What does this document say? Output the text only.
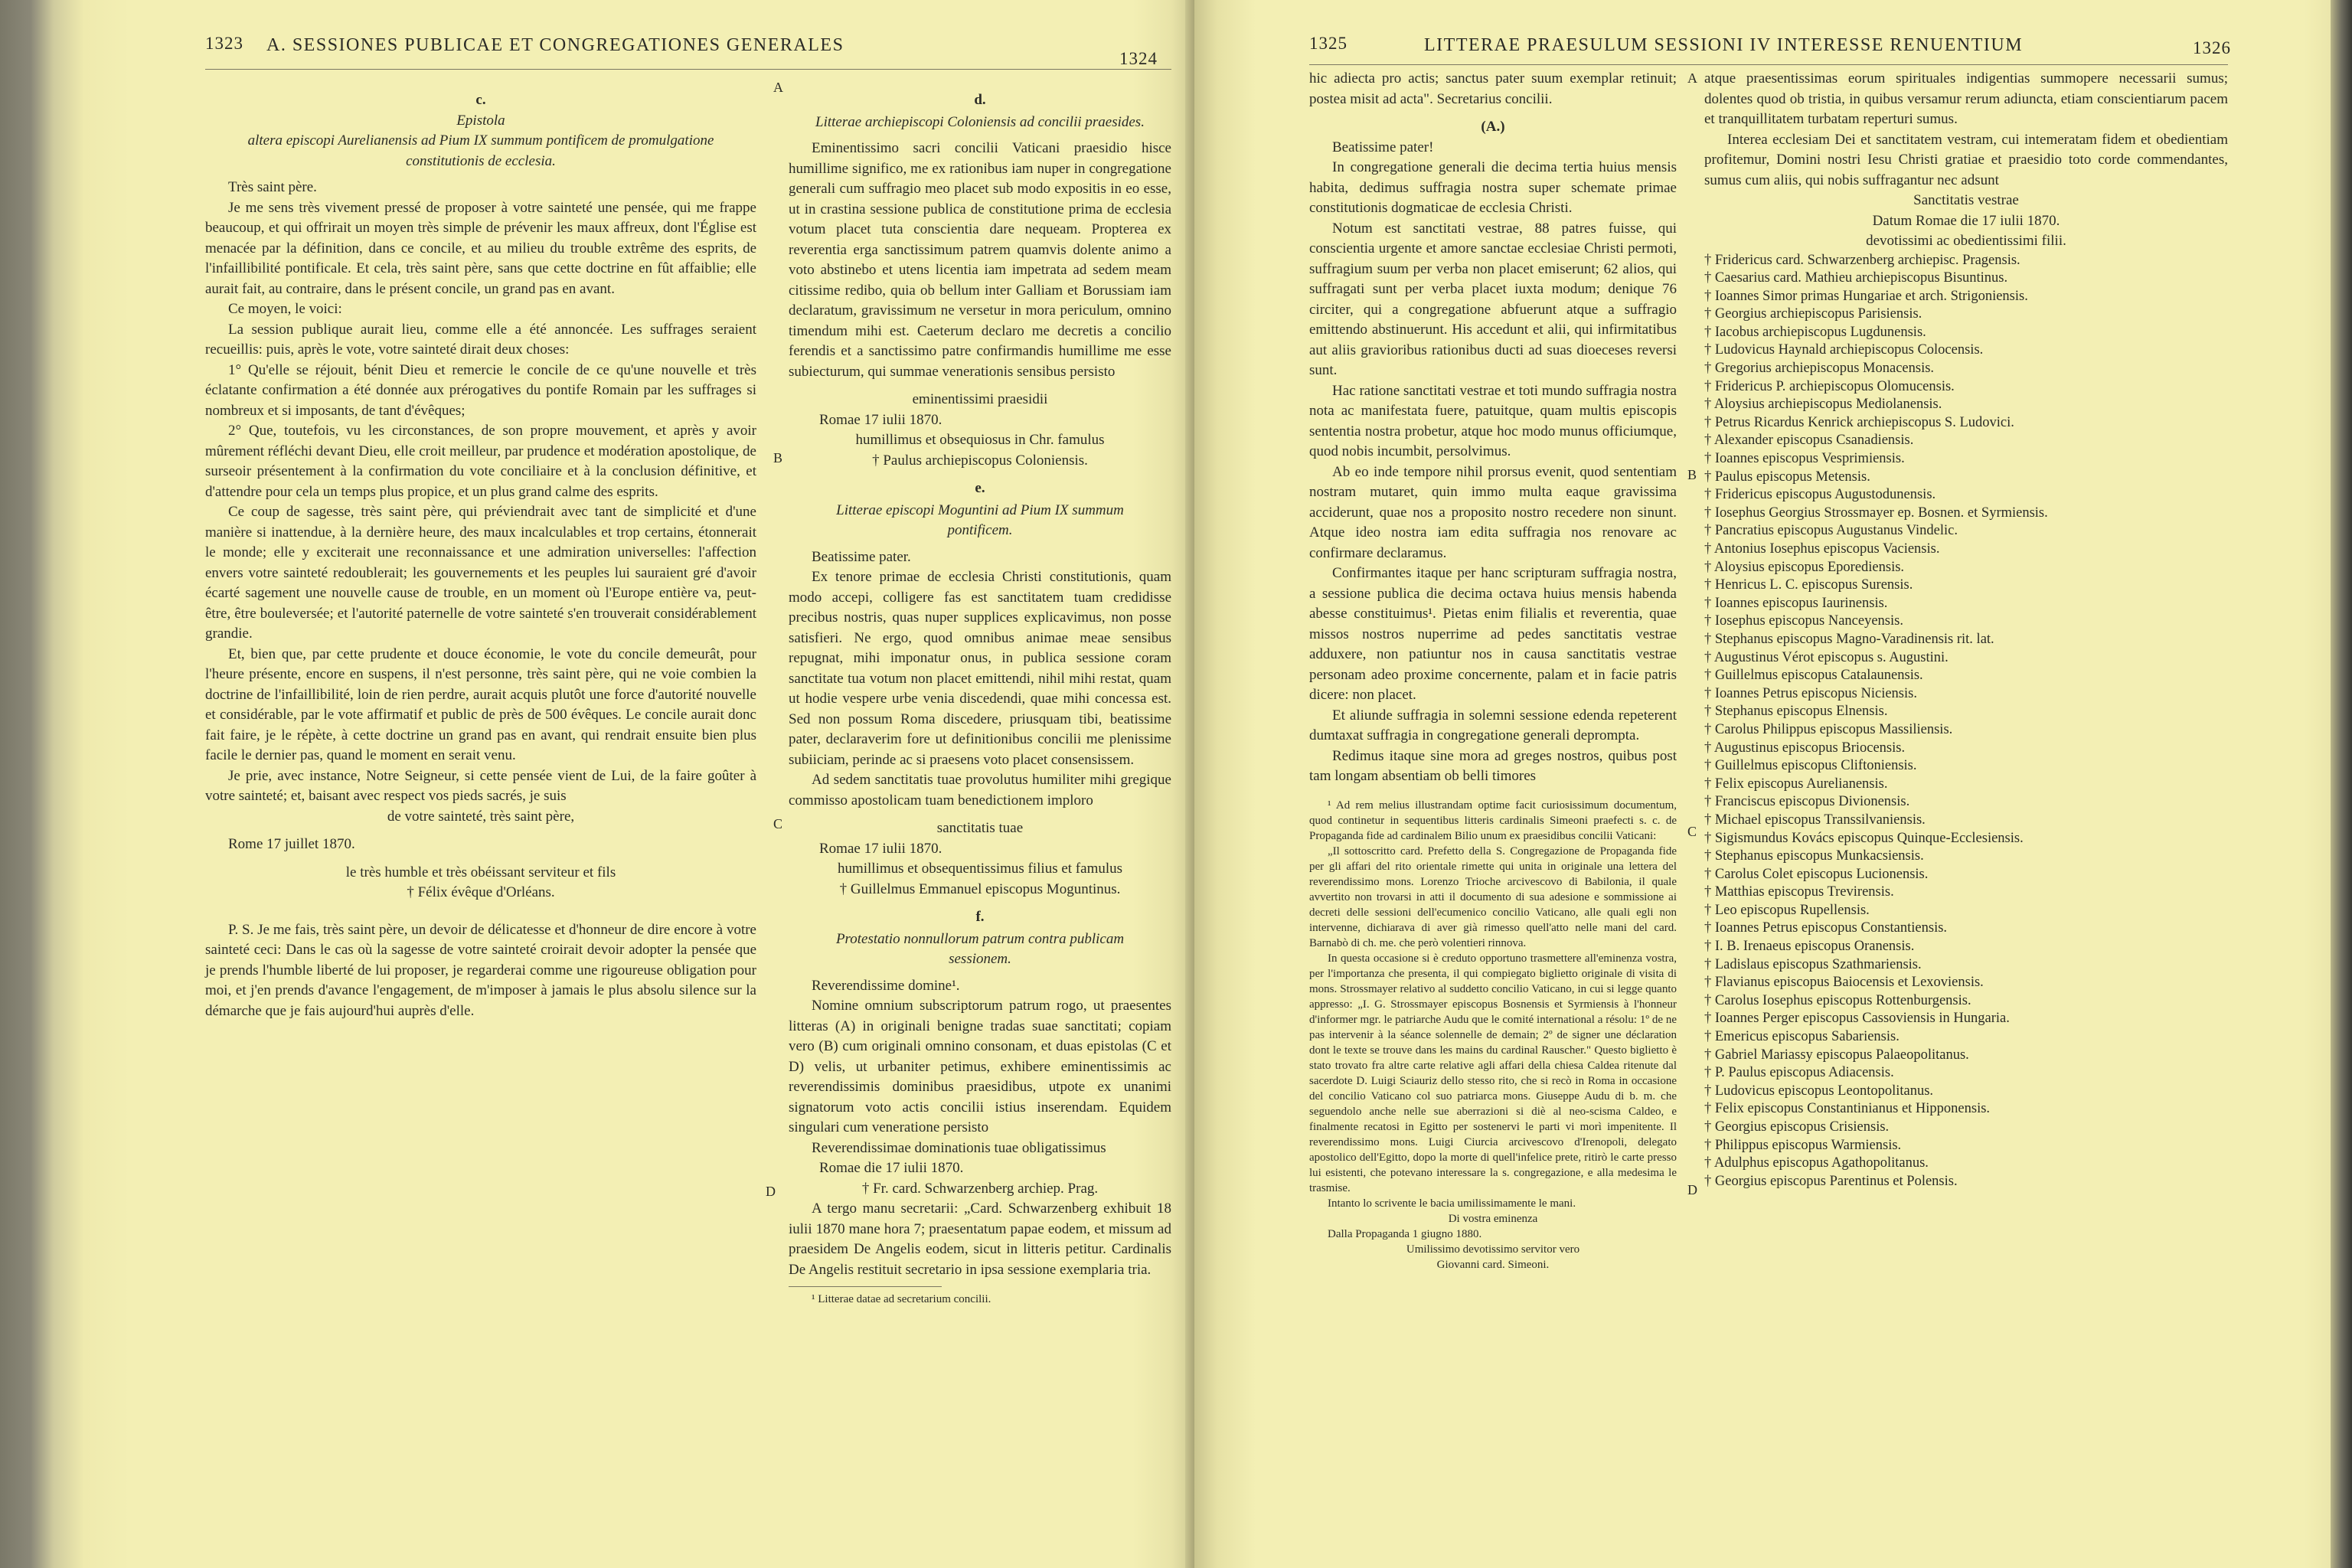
1323 A. SESSIONES PUBLICAE ET CONGREGATIONES GENERALES
1324
A
B
C
D

c.

Epistola

altera episcopi Aurelianensis ad Pium IX summum pontificem de promulgatione constitutionis de ecclesia.

Très saint père.

Je me sens très vivement pressé de proposer à votre sainteté une pensée, qui me frappe beaucoup, et qui offrirait un moyen très simple de prévenir les maux affreux, dont l'Église est menacée par la définition, dans ce concile, et au milieu du trouble extrême des esprits, de l'infaillibilité pontificale. Et cela, très saint père, sans que cette doctrine en fût affaiblie; elle aurait fait, au contraire, dans le présent concile, un grand pas en avant.

Ce moyen, le voici:

La session publique aurait lieu, comme elle a été annoncée. Les suffrages seraient recueillis: puis, après le vote, votre sainteté dirait deux choses:

1° Qu'elle se réjouit, bénit Dieu et remercie le concile de ce qu'une nouvelle et très éclatante confirmation a été donnée aux prérogatives du pontife Romain par les suffrages si nombreux et si imposants, de tant d'évêques;

2° Que, toutefois, vu les circonstances, de son propre mouvement, et après y avoir mûrement réfléchi devant Dieu, elle croit meilleur, par prudence et modération apostolique, de surseoir présentement à la confirmation du vote conciliaire et à la conclusion définitive, et d'attendre pour cela un temps plus propice, et un plus grand calme des esprits.

Ce coup de sagesse, très saint père, qui préviendrait avec tant de simplicité et d'une manière si inattendue, à la dernière heure, des maux incalculables et trop certains, étonnerait le monde; elle y exciterait une reconnaissance et une admiration universelles: l'affection envers votre sainteté redoublerait; les gouvernements et les peuples lui sauraient gré d'avoir écarté sagement une nouvelle cause de trouble, en un moment où l'Europe entière va, peut-être, être bouleversée; et l'autorité paternelle de votre sainteté s'en trouverait considérablement grandie.

Et, bien que, par cette prudente et douce économie, le vote du concile demeurât, pour l'heure présente, encore en suspens, il n'est personne, très saint père, qui ne voie combien la doctrine de l'infaillibilité, loin de rien perdre, aurait acquis plutôt une force d'autorité nouvelle et considérable, par le vote affirmatif et public de près de 500 évêques. Le concile aurait donc fait faire, je le répète, à cette doctrine un grand pas en avant, qui rendrait ensuite bien plus facile le dernier pas, quand le moment en serait venu.

Je prie, avec instance, Notre Seigneur, si cette pensée vient de Lui, de la faire goûter à votre sainteté; et, baisant avec respect vos pieds sacrés, je suis

de votre sainteté, très saint père,

Rome 17 juillet 1870.

le très humble et très obéissant serviteur et fils

† Félix évêque d'Orléans.

P. S. Je me fais, très saint père, un devoir de délicatesse et d'honneur de dire encore à votre sainteté ceci: Dans le cas où la sagesse de votre sainteté croirait devoir adopter la pensée que je prends l'humble liberté de lui proposer, je regarderai comme une rigoureuse obligation pour moi, et j'en prends d'avance l'engagement, de m'imposer à jamais le plus absolu silence sur la démarche que je fais aujourd'hui auprès d'elle.

d.

Litterae archiepiscopi Coloniensis ad concilii praesides.

Eminentissimo sacri concilii Vaticani praesidio hisce humillime significo, me ex rationibus iam nuper in congregatione generali cum suffragio meo placet sub modo expositis in eo esse, ut in crastina sessione publica de constitutione prima de ecclesia votum placet tuta conscientia dare nequeam. Propterea ex reverentia erga sanctissimum patrem quamvis dolente animo a voto abstinebo et utens licentia iam impetrata ad sedem meam citissime redibo, quia ob bellum inter Galliam et Borussiam iam declaratum, gravissimum ne versetur in mora periculum, omnino timendum mihi est. Caeterum declaro me decretis a concilio ferendis et a sanctissimo patre confirmandis humillime me esse subiecturum, qui summae venerationis sensibus persisto

eminentissimi praesidii

Romae 17 iulii 1870.

humillimus et obsequiosus in Chr. famulus

† Paulus archiepiscopus Coloniensis.

e.

Litterae episcopi Moguntini ad Pium IX summum pontificem.

Beatissime pater.

Ex tenore primae de ecclesia Christi constitutionis, quam modo accepi, colligere fas est sanctitatem tuam credidisse precibus nostris, quas nuper supplices explicavimus, non posse satisfieri. Ne ergo, quod omnibus animae meae sensibus repugnat, mihi imponatur onus, in publica sessione coram sanctitate tua votum non placet emittendi, nihil mihi restat, quam ut hodie vespere urbe venia discedendi, quae mihi concessa est. Sed non possum Roma discedere, priusquam tibi, beatissime pater, declaraverim fore ut definitionibus concilii me plenissime subiiciam, perinde ac si praesens voto placet consensissem.

Ad sedem sanctitatis tuae provolutus humiliter mihi gregique commisso apostolicam tuam benedictionem imploro

sanctitatis tuae

Romae 17 iulii 1870.

humillimus et obsequentissimus filius et famulus

† Guillelmus Emmanuel episcopus Moguntinus.

f.

Protestatio nonnullorum patrum contra publicam sessionem.

Reverendissime domine¹.

Nomine omnium subscriptorum patrum rogo, ut praesentes litteras (A) in originali benigne tradas suae sanctitati; copiam vero (B) cum originali omnino consonam, et duas epistolas (C et D) velis, ut urbaniter petimus, exhibere eminentissimis ac reverendissimis dominibus praesidibus, utpote ex unanimi signatorum voto actis concilii istius inserendam. Equidem singulari cum veneratione persisto

Reverendissimae dominationis tuae obligatissimus

Romae die 17 iulii 1870.

† Fr. card. Schwarzenberg archiep. Prag.

A tergo manu secretarii: „Card. Schwarzenberg exhibuit 18 iulii 1870 mane hora 7; praesentatum papae eodem, et missum ad praesidem De Angelis eodem, sicut in litteris petitur. Cardinalis De Angelis restituit secretario in ipsa sessione exemplaria tria.

¹ Litterae datae ad secretarium concilii.

1325	LITTERAE PRAESULUM SESSIONI IV INTERESSE RENUENTIUM	1326
A
B
C
D

hic adiecta pro actis; sanctus pater suum exemplar retinuit; postea misit ad acta". Secretarius concilii.

(A.)

Beatissime pater!

In congregatione generali die decima tertia huius mensis habita, dedimus suffragia nostra super schemate primae constitutionis dogmaticae de ecclesia Christi.

Notum est sanctitati vestrae, 88 patres fuisse, qui conscientia urgente et amore sanctae ecclesiae Christi permoti, suffragium suum per verba non placet emiserunt; 62 alios, qui suffragati sunt per verba placet iuxta modum; denique 76 circiter, qui a congregatione abfuerunt atque a suffragio emittendo abstinuerunt. His accedunt et alii, qui infirmitatibus aut aliis gravioribus rationibus ducti ad suas dioeceses reversi sunt.

Hac ratione sanctitati vestrae et toti mundo suffragia nostra nota ac manifestata fuere, patuitque, quam multis episcopis sententia nostra probetur, atque hoc modo munus officiumque, quod nobis incumbit, persolvimus.

Ab eo inde tempore nihil prorsus evenit, quod sententiam nostram mutaret, quin immo multa eaque gravissima acciderunt, quae nos a proposito nostro recedere non sinunt. Atque ideo nostra iam edita suffragia nos renovare ac confirmare declaramus.

Confirmantes itaque per hanc scripturam suffragia nostra, a sessione publica die decima octava huius mensis habenda abesse constituimus¹. Pietas enim filialis et reverentia, quae missos nostros nuperrime ad pedes sanctitatis vestrae adduxere, non patiuntur nos in causa sanctitatis vestrae personam adeo proxime concernente, palam et in facie patris dicere: non placet.

Et aliunde suffragia in solemni sessione edenda repeterent dumtaxat suffragia in congregatione generali deprompta.

Redimus itaque sine mora ad greges nostros, quibus post tam longam absentiam ob belli timores

¹ Ad rem melius illustrandam optime facit curiosissimum documentum, quod continetur in sequentibus litteris cardinalis Simeoni praefecti s. c. de Propaganda fide ad cardinalem Bilio unum ex praesidibus concilii Vaticani:

„Il sottoscritto card. Prefetto della S. Congregazione de Propaganda fide per gli affari del rito orientale rimette qui unita in originale una lettera del reverendissimo mons. Lorenzo Trioche arcivescovo di Babilonia, il quale avvertito non trovarsi in atti il documento di sua adesione e sommissione ai decreti delle sessioni dell'ecumenico concilio Vaticano, alle quali egli non intervenne, dichiarava di aver già rimesso quell'atto nelle mani del card. Barnabò di ch. me. che però volentieri rinnova.

In questa occasione si è creduto opportuno trasmettere all'eminenza vostra, per l'importanza che presenta, il qui compiegato biglietto originale di visita di mons. Strossmayer relativo al suddetto concilio Vaticano, in cui si legge quanto appresso: „I. G. Strossmayer episcopus Bosnensis et Syrmiensis à l'honneur d'informer mgr. le patriarche Audu que le comité international a résolu: 1º de ne pas intervenir à la séance solennelle de demain; 2º de signer une déclaration dont le texte se trouve dans les mains du cardinal Rauscher." Questo biglietto è stato trovato fra altre carte relative agli affari della chiesa Caldea ritenute dal sacerdote D. Luigi Sciauriz dello stesso rito, che si recò in Roma in occasione del concilio Vaticano col suo patriarca mons. Giuseppe Audu di b. m. che seguendolo anche nelle sue aberrazioni si diè al neo-scisma Caldeo, e finalmente recatosi in Egitto per sostenervi le parti vi morì impenitente. Il reverendissimo mons. Luigi Ciurcia arcivescovo d'Irenopoli, delegato apostolico dell'Egitto, dopo la morte di quell'infelice prete, ritirò le carte presso lui esistenti, che potevano interessare la s. congregazione, e alla medesima le trasmise.

Intanto lo scrivente le bacia umilissimamente le mani.

Di vostra eminenza

Dalla Propaganda 1 giugno 1880.

Umilissimo devotissimo servitor vero

Giovanni card. Simeoni.

atque praesentissimas eorum spirituales indigentias summopere necessarii sumus; dolentes quod ob tristia, in quibus versamur rerum adiuncta, etiam conscientiarum pacem et tranquillitatem turbatam reperturi sumus.

Interea ecclesiam Dei et sanctitatem vestram, cui intemeratam fidem et obedientiam profitemur, Domini nostri Iesu Christi gratiae et praesidio toto corde commendantes, sumus cum aliis, qui nobis suffragantur nec adsunt

Sanctitatis vestrae

Datum Romae die 17 iulii 1870.

devotissimi ac obedientissimi filii.

† Fridericus card. Schwarzenberg archiepisc. Pragensis.

† Caesarius card. Mathieu archiepiscopus Bisuntinus.

† Ioannes Simor primas Hungariae et arch. Strigoniensis.

† Georgius archiepiscopus Parisiensis.

† Iacobus archiepiscopus Lugdunensis.

† Ludovicus Haynald archiepiscopus Colocensis.

† Gregorius archiepiscopus Monacensis.

† Fridericus P. archiepiscopus Olomucensis.

† Aloysius archiepiscopus Mediolanensis.

† Petrus Ricardus Kenrick archiepiscopus S. Ludovici.

† Alexander episcopus Csanadiensis.

† Ioannes episcopus Vesprimiensis.

† Paulus episcopus Metensis.

† Fridericus episcopus Augustodunensis.

† Iosephus Georgius Strossmayer ep. Bosnen. et Syrmiensis.

† Pancratius episcopus Augustanus Vindelic.

† Antonius Iosephus episcopus Vaciensis.

† Aloysius episcopus Eporediensis.

† Henricus L. C. episcopus Surensis.

† Ioannes episcopus Iaurinensis.

† Iosephus episcopus Nanceyensis.

† Stephanus episcopus Magno-Varadinensis rit. lat.

† Augustinus Vérot episcopus s. Augustini.

† Guillelmus episcopus Catalaunensis.

† Ioannes Petrus episcopus Niciensis.

† Stephanus episcopus Elnensis.

† Carolus Philippus episcopus Massiliensis.

† Augustinus episcopus Briocensis.

† Guillelmus episcopus Cliftoniensis.

† Felix episcopus Aurelianensis.

† Franciscus episcopus Divionensis.

† Michael episcopus Transsilvaniensis.

† Sigismundus Kovács episcopus Quinque-Ecclesiensis.

† Stephanus episcopus Munkacsiensis.

† Carolus Colet episcopus Lucionensis.

† Matthias episcopus Trevirensis.

† Leo episcopus Rupellensis.

† Ioannes Petrus episcopus Constantiensis.

† I. B. Irenaeus episcopus Oranensis.

† Ladislaus episcopus Szathmariensis.

† Flavianus episcopus Baiocensis et Lexoviensis.

† Carolus Iosephus episcopus Rottenburgensis.

† Ioannes Perger episcopus Cassoviensis in Hungaria.

† Emericus episcopus Sabariensis.

† Gabriel Mariassy episcopus Palaeopolitanus.

† P. Paulus episcopus Adiacensis.

† Ludovicus episcopus Leontopolitanus.

† Felix episcopus Constantinianus et Hipponensis.

† Georgius episcopus Crisiensis.

† Philippus episcopus Warmiensis.

† Adulphus episcopus Agathopolitanus.

† Georgius episcopus Parentinus et Polensis.
